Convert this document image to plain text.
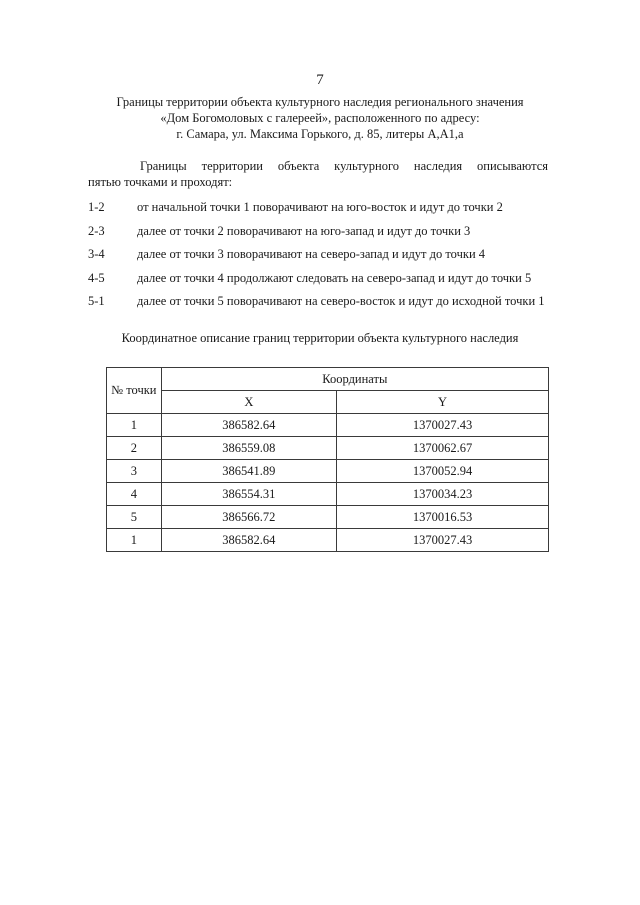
7
Границы территории объекта культурного наследия регионального значения
«Дом Богомоловых с галереей», расположенного по адресу:
г. Самара, ул. Максима Горького, д. 85, литеры А,А1,а
Границы территории объекта культурного наследия описываются
пятью точками и проходят:
1-2	от начальной точки 1 поворачивают на юго-восток и идут до точки 2
2-3	далее от точки 2 поворачивают на юго-запад и идут до точки 3
3-4	далее от точки 3 поворачивают на северо-запад и идут до точки 4
4-5	далее от точки 4 продолжают следовать на северо-запад и идут до точки 5
5-1	далее от точки 5 поворачивают на северо-восток и идут до исходной точки 1
Координатное описание границ территории объекта культурного наследия
№ точки	Координаты	
	X	Y
1	386582.64	1370027.43
2	386559.08	1370062.67
3	386541.89	1370052.94
4	386554.31	1370034.23
5	386566.72	1370016.53
1	386582.64	1370027.43
